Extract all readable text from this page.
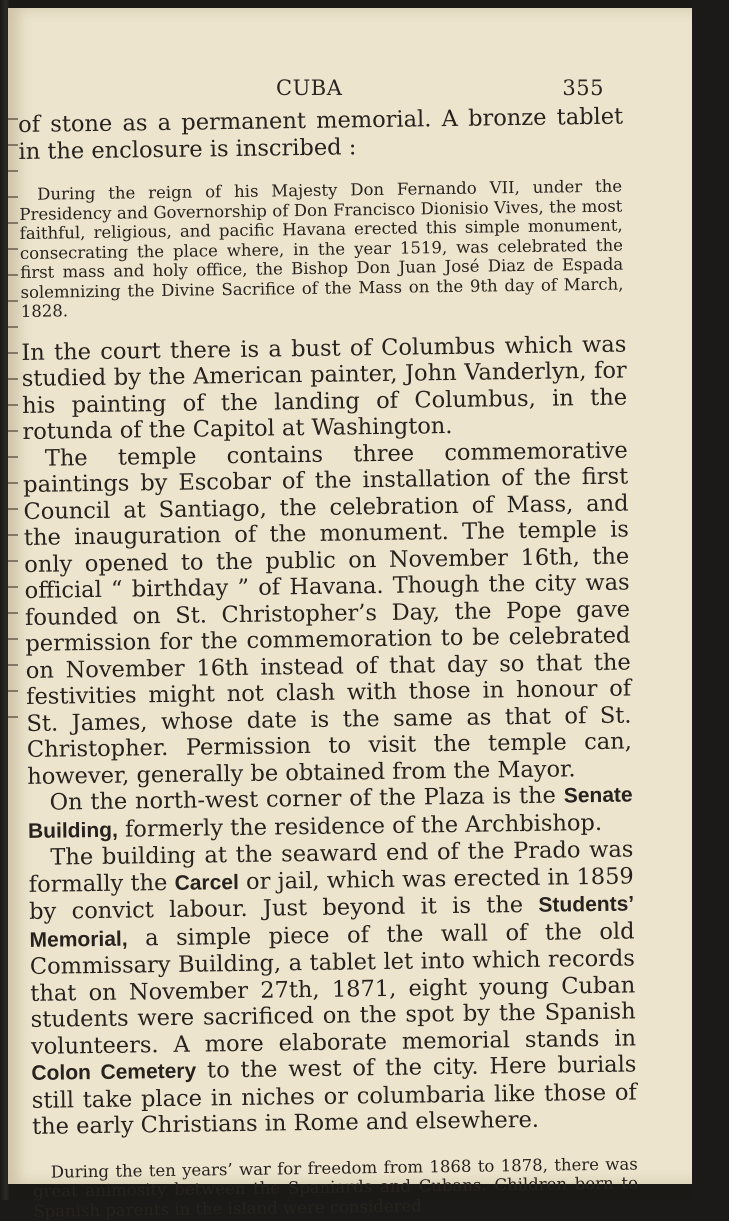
CUBA	355

of stone as a permanent memorial. A bronze tablet in the enclosure is inscribed :

During the reign of his Majesty Don Fernando VII, under the Presidency and Governorship of Don Francisco Dionisio Vives, the most faithful, religious, and pacific Havana erected this simple monument, consecrating the place where, in the year 1519, was celebrated the first mass and holy office, the Bishop Don Juan José Diaz de Espada solemnizing the Divine Sacrifice of the Mass on the 9th day of March, 1828.

In the court there is a bust of Columbus which was studied by the American painter, John Vanderlyn, for his painting of the landing of Columbus, in the rotunda of the Capitol at Washington.

The temple contains three commemorative paintings by Escobar of the installation of the first Council at Santiago, the celebration of Mass, and the inauguration of the monument. The temple is only opened to the public on November 16th, the official “ birthday ” of Havana. Though the city was founded on St. Christopher’s Day, the Pope gave permission for the commemoration to be celebrated on November 16th instead of that day so that the festivities might not clash with those in honour of St. James, whose date is the same as that of St. Christopher. Permission to visit the temple can, however, generally be obtained from the Mayor.

On the north-west corner of the Plaza is the Senate Building, formerly the residence of the Archbishop.

The building at the seaward end of the Prado was formally the Carcel or jail, which was erected in 1859 by convict labour. Just beyond it is the Students’ Memorial, a simple piece of the wall of the old Commissary Building, a tablet let into which records that on November 27th, 1871, eight young Cuban students were sacrificed on the spot by the Spanish volunteers. A more elaborate memorial stands in Colon Cemetery to the west of the city. Here burials still take place in niches or columbaria like those of the early Christians in Rome and elsewhere.

During the ten years’ war for freedom from 1868 to 1878, there was great animosity between the Spaniards and Cubans. Children born to Spanish parents in the island were considered
